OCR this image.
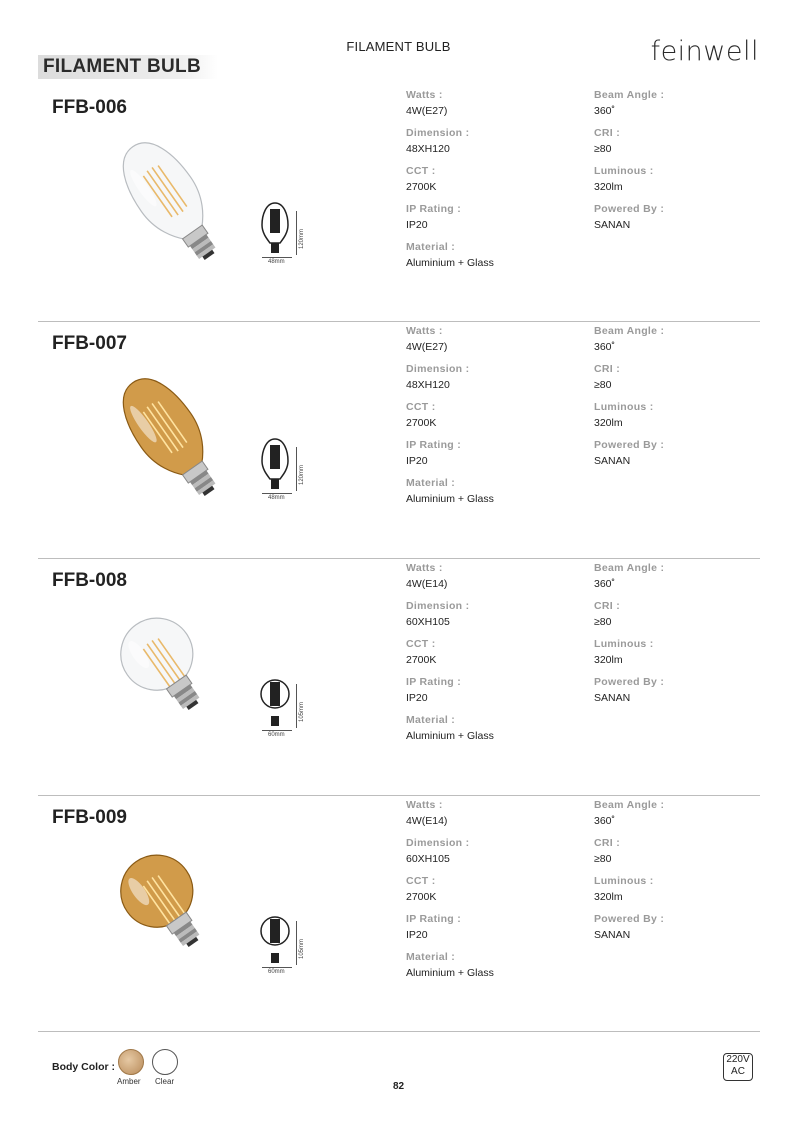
FILAMENT BULB	feinwell
FILAMENT BULB
FFB-006
120mm
48mm
Watts :
4W(E27)
Dimension :
48XH120
CCT :
2700K
IP Rating :
IP20
Material :
Aluminium + Glass
Beam Angle :
360˚
CRI :
≥80
Luminous :
320lm
Powered By :
SANAN
FFB-007
120mm
48mm
Watts :
4W(E27)
Dimension :
48XH120
CCT :
2700K
IP Rating :
IP20
Material :
Aluminium + Glass
Beam Angle :
360˚
CRI :
≥80
Luminous :
320lm
Powered By :
SANAN
FFB-008
105mm
60mm
Watts :
4W(E14)
Dimension :
60XH105
CCT :
2700K
IP Rating :
IP20
Material :
Aluminium + Glass
Beam Angle :
360˚
CRI :
≥80
Luminous :
320lm
Powered By :
SANAN
FFB-009
105mm
60mm
Watts :
4W(E14)
Dimension :
60XH105
CCT :
2700K
IP Rating :
IP20
Material :
Aluminium + Glass
Beam Angle :
360˚
CRI :
≥80
Luminous :
320lm
Powered By :
SANAN
Body Color :
Amber Clear	82
220V
AC
